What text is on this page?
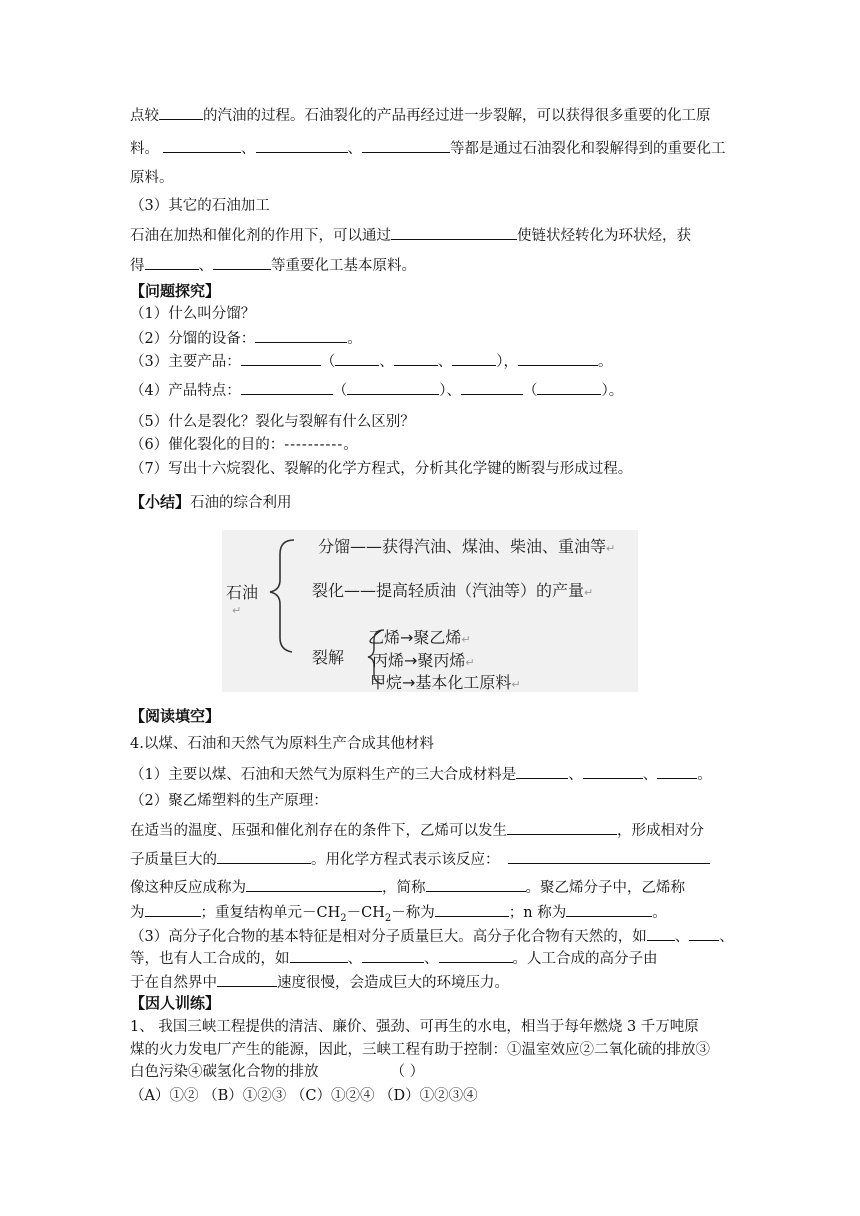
点较	的汽油的过程。石油裂化的产品再经过进一步裂解，可以获得很多重要的化工原
料。	、	、	等都是通过石油裂化和裂解得到的重要化工
原料。
（3）其它的石油加工
石油在加热和催化剂的作用下，可以通过	使链状烃转化为环状烃，获
得	、	等重要化工基本原料。
【问题探究】
（1）什么叫分馏？
（2）分馏的设备：	。
（3）主要产品：	（	、	、	），	。
（4）产品特点：	（	）、	（	）。
（5）什么是裂化？裂化与裂解有什么区别？
（6）催化裂化的目的：----------。
（7）写出十六烷裂化、裂解的化学方程式，分析其化学键的断裂与形成过程。
【小结】石油的综合利用
石油
↵
分馏——获得汽油、煤油、柴油、重油等↵
裂化——提高轻质油（汽油等）的产量↵
裂解
乙烯→聚乙烯↵
丙烯→聚丙烯↵
甲烷→基本化工原料↵
【阅读填空】
4.以煤、石油和天然气为原料生产合成其他材料
（1）主要以煤、石油和天然气为原料生产的三大合成材料是	、	、	。
（2）聚乙烯塑料的生产原理：
在适当的温度、压强和催化剂存在的条件下，乙烯可以发生	，形成相对分
子质量巨大的	。用化学方程式表示该反应：
像这种反应成称为	，简称	。聚乙烯分子中，乙烯称
为	；重复结构单元$-CH_2-CH_2-$称为	；n 称为	。
（3）高分子化合物的基本特征是相对分子质量巨大。高分子化合物有天然的，如 、 、
等，也有人工合成的，如	、	、	。人工合成的高分子由
于在自然界中	速度很慢，会造成巨大的环境压力。
【因人训练】
1、 我国三峡工程提供的清洁、廉价、强劲、可再生的水电，相当于每年燃烧 3 千万吨原
煤的火力发电厂产生的能源，因此，三峡工程有助于控制：①温室效应②二氧化硫的排放③
白色污染④碳氢化合物的排放	（ ）
（A）①② （B）①②③ （C）①②④ （D）①②③④
